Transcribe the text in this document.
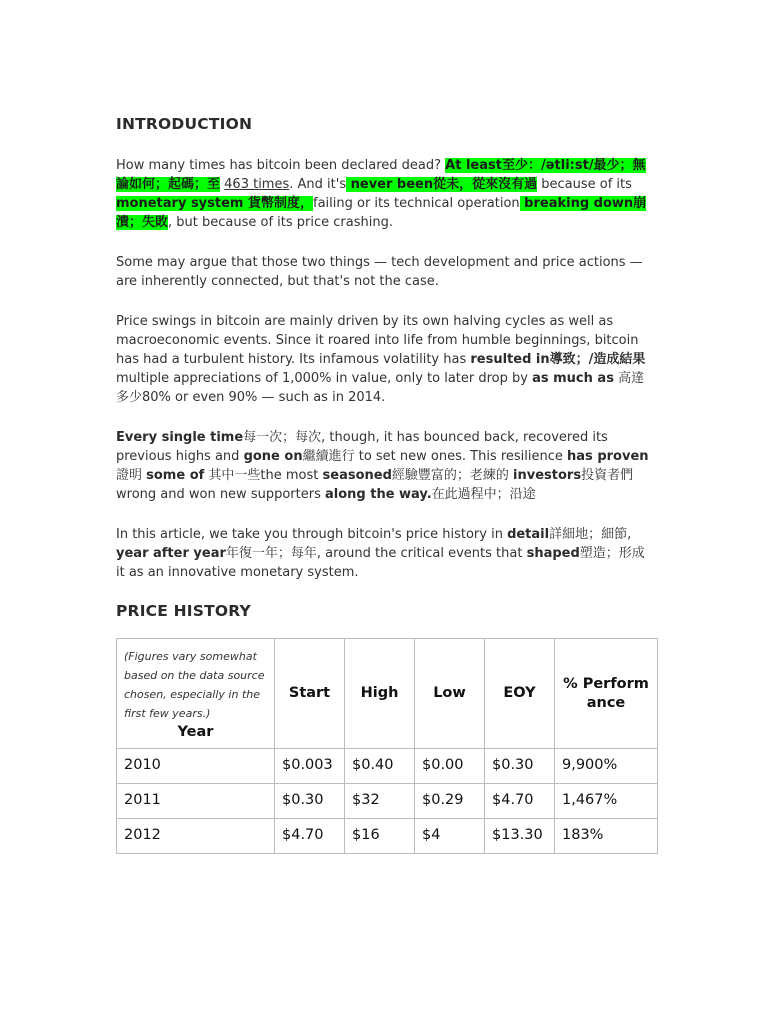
INTRODUCTION

How many times has bitcoin been declared dead? At least至少：/ǝtli:st/最少；無論如何；起碼；至 463 times. And it's never been從未，從來沒有過 because of its monetary system 貨幣制度，failing or its technical operation breaking down崩潰；失敗, but because of its price crashing.

Some may argue that those two things — tech development and price actions — are inherently connected, but that's not the case.

Price swings in bitcoin are mainly driven by its own halving cycles as well as macroeconomic events. Since it roared into life from humble beginnings, bitcoin has had a turbulent history. Its infamous volatility has resulted in導致；/造成結果 multiple appreciations of 1,000% in value, only to later drop by as much as 高達多少80% or even 90% — such as in 2014.

Every single time每一次；每次, though, it has bounced back, recovered its previous highs and gone on繼續進行 to set new ones. This resilience has proven證明 some of 其中一些the most seasoned經驗豐富的；老練的 investors投資者們 wrong and won new supporters along the way.在此過程中；沿途

In this article, we take you through bitcoin's price history in detail詳細地；細節, year after year年復一年；每年, around the critical events that shaped塑造；形成 it as an innovative monetary system.

PRICE HISTORY
(Figures vary somewhat based on the data source chosen, especially in the first few years.)
Year	Start	High	Low	EOY	% Performance
2010	$0.003	$0.40	$0.00	$0.30	9,900%
2011	$0.30	$32	$0.29	$4.70	1,467%
2012	$4.70	$16	$4	$13.30	183%
